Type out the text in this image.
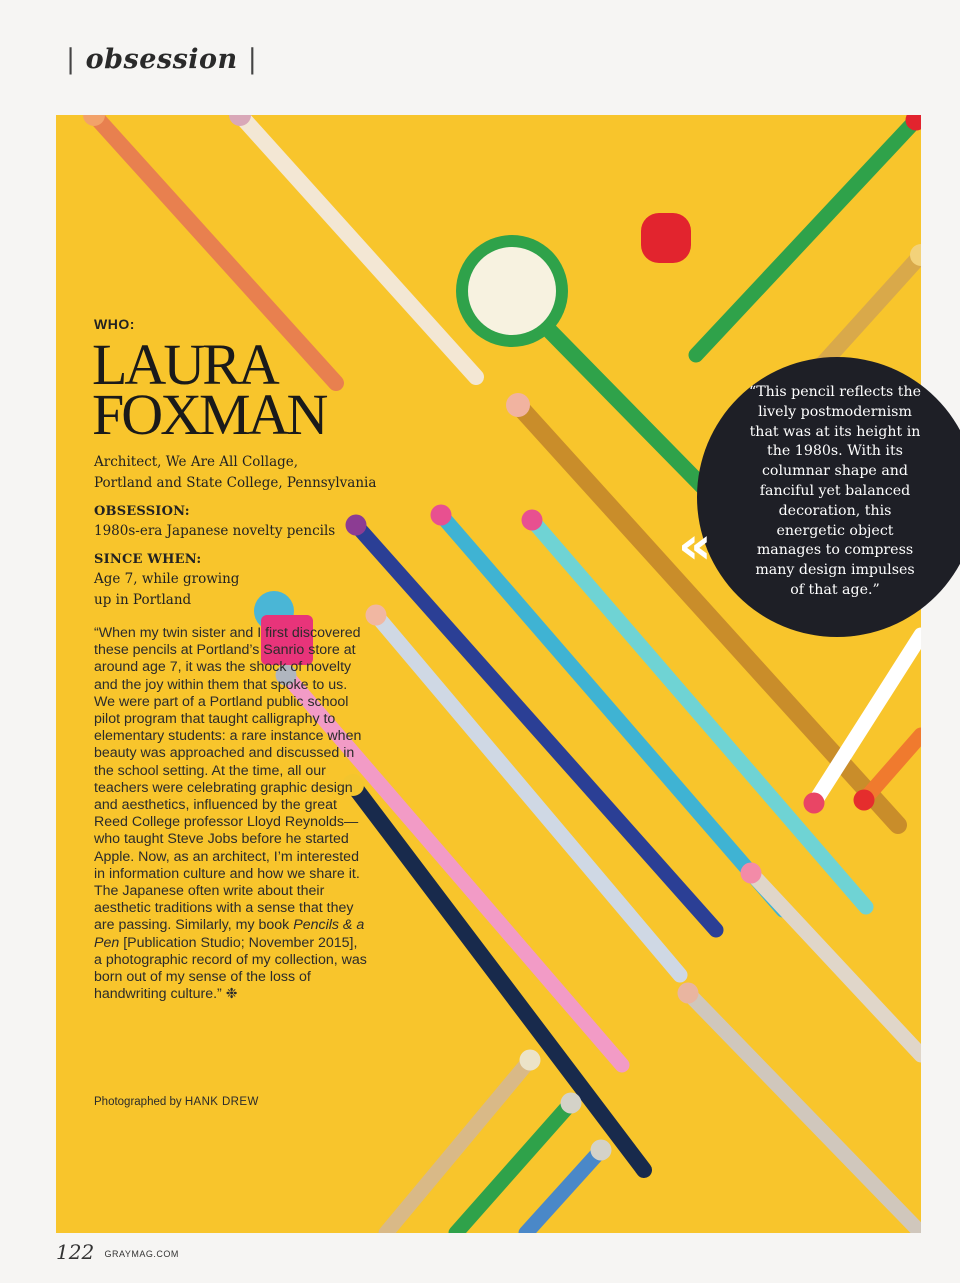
| obsession |

WHO:

LAURA
FOXMAN

Architect, We Are All Collage,
Portland and State College, Pennsylvania

OBSESSION:

1980s-era Japanese novelty pencils

SINCE WHEN:

Age 7, while growing
up in Portland

“When my twin sister and I first discovered these pencils at Portland’s Sanrio store at around age 7, it was the shock of novelty and the joy within them that spoke to us. We were part of a Portland public school pilot program that taught calligraphy to elementary students: a rare instance when beauty was approached and discussed in the school setting. At the time, all our teachers were celebrating graphic design and aesthetics, influenced by the great Reed College professor Lloyd Reynolds—who taught Steve Jobs before he started Apple. Now, as an architect, I’m interested in information culture and how we share it. The Japanese often write about their aesthetic traditions with a sense that they are passing. Similarly, my book Pencils & a Pen [Publication Studio; November 2015], a photographic record of my collection, was born out of my sense of the loss of handwriting culture.” ❉

Photographed by HANK DREW

“This pencil reflects the lively postmodernism that was at its height in the 1980s. With its columnar shape and fanciful yet balanced decoration, this energetic object manages to compress many design impulses of that age.”

«
122 GRAYMAG.COM
